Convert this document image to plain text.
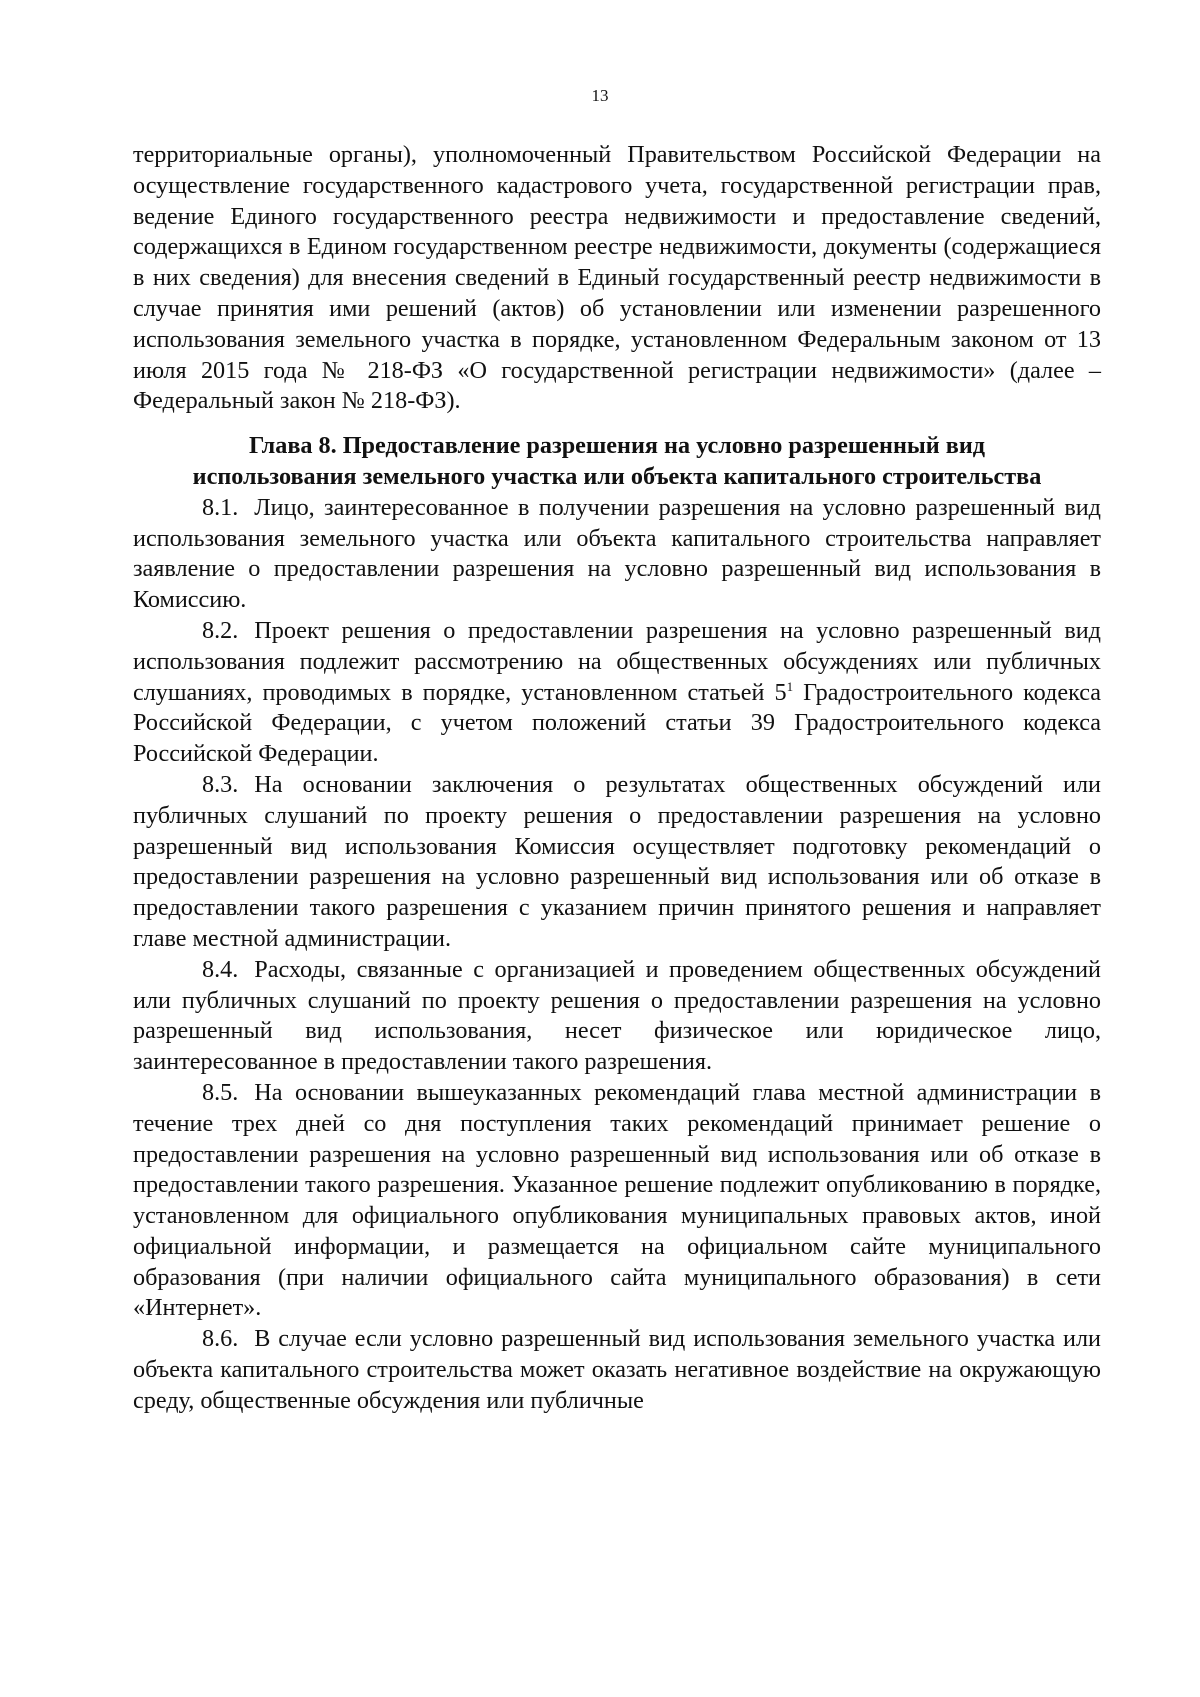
13

территориальные органы), уполномоченный Правительством Российской Федерации на осуществление государственного кадастрового учета, государственной регистрации прав, ведение Единого государственного реестра недвижимости и предоставление сведений, содержащихся в Едином государственном реестре недвижимости, документы (содержащиеся в них сведения) для внесения сведений в Единый государственный реестр недвижимости в случае принятия ими решений (актов) об установлении или изменении разрешенного использования земельного участка в порядке, установленном Федеральным законом от 13 июля 2015 года № 218-ФЗ «О государственной регистрации недвижимости» (далее – Федеральный закон № 218-ФЗ).

Глава 8. Предоставление разрешения на условно разрешенный вид использования земельного участка или объекта капитального строительства

8.1. Лицо, заинтересованное в получении разрешения на условно разрешенный вид использования земельного участка или объекта капитального строительства направляет заявление о предоставлении разрешения на условно разрешенный вид использования в Комиссию.

8.2. Проект решения о предоставлении разрешения на условно разрешенный вид использования подлежит рассмотрению на общественных обсуждениях или публичных слушаниях, проводимых в порядке, установленном статьей $5^1$ Градостроительного кодекса Российской Федерации, с учетом положений статьи 39 Градостроительного кодекса Российской Федерации.

8.3. На основании заключения о результатах общественных обсуждений или публичных слушаний по проекту решения о предоставлении разрешения на условно разрешенный вид использования Комиссия осуществляет подготовку рекомендаций о предоставлении разрешения на условно разрешенный вид использования или об отказе в предоставлении такого разрешения с указанием причин принятого решения и направляет главе местной администрации.

8.4. Расходы, связанные с организацией и проведением общественных обсуждений или публичных слушаний по проекту решения о предоставлении разрешения на условно разрешенный вид использования, несет физическое или юридическое лицо, заинтересованное в предоставлении такого разрешения.

8.5. На основании вышеуказанных рекомендаций глава местной администрации в течение трех дней со дня поступления таких рекомендаций принимает решение о предоставлении разрешения на условно разрешенный вид использования или об отказе в предоставлении такого разрешения. Указанное решение подлежит опубликованию в порядке, установленном для официального опубликования муниципальных правовых актов, иной официальной информации, и размещается на официальном сайте муниципального образования (при наличии официального сайта муниципального образования) в сети «Интернет».

8.6. В случае если условно разрешенный вид использования земельного участка или объекта капитального строительства может оказать негативное воздействие на окружающую среду, общественные обсуждения или публичные
